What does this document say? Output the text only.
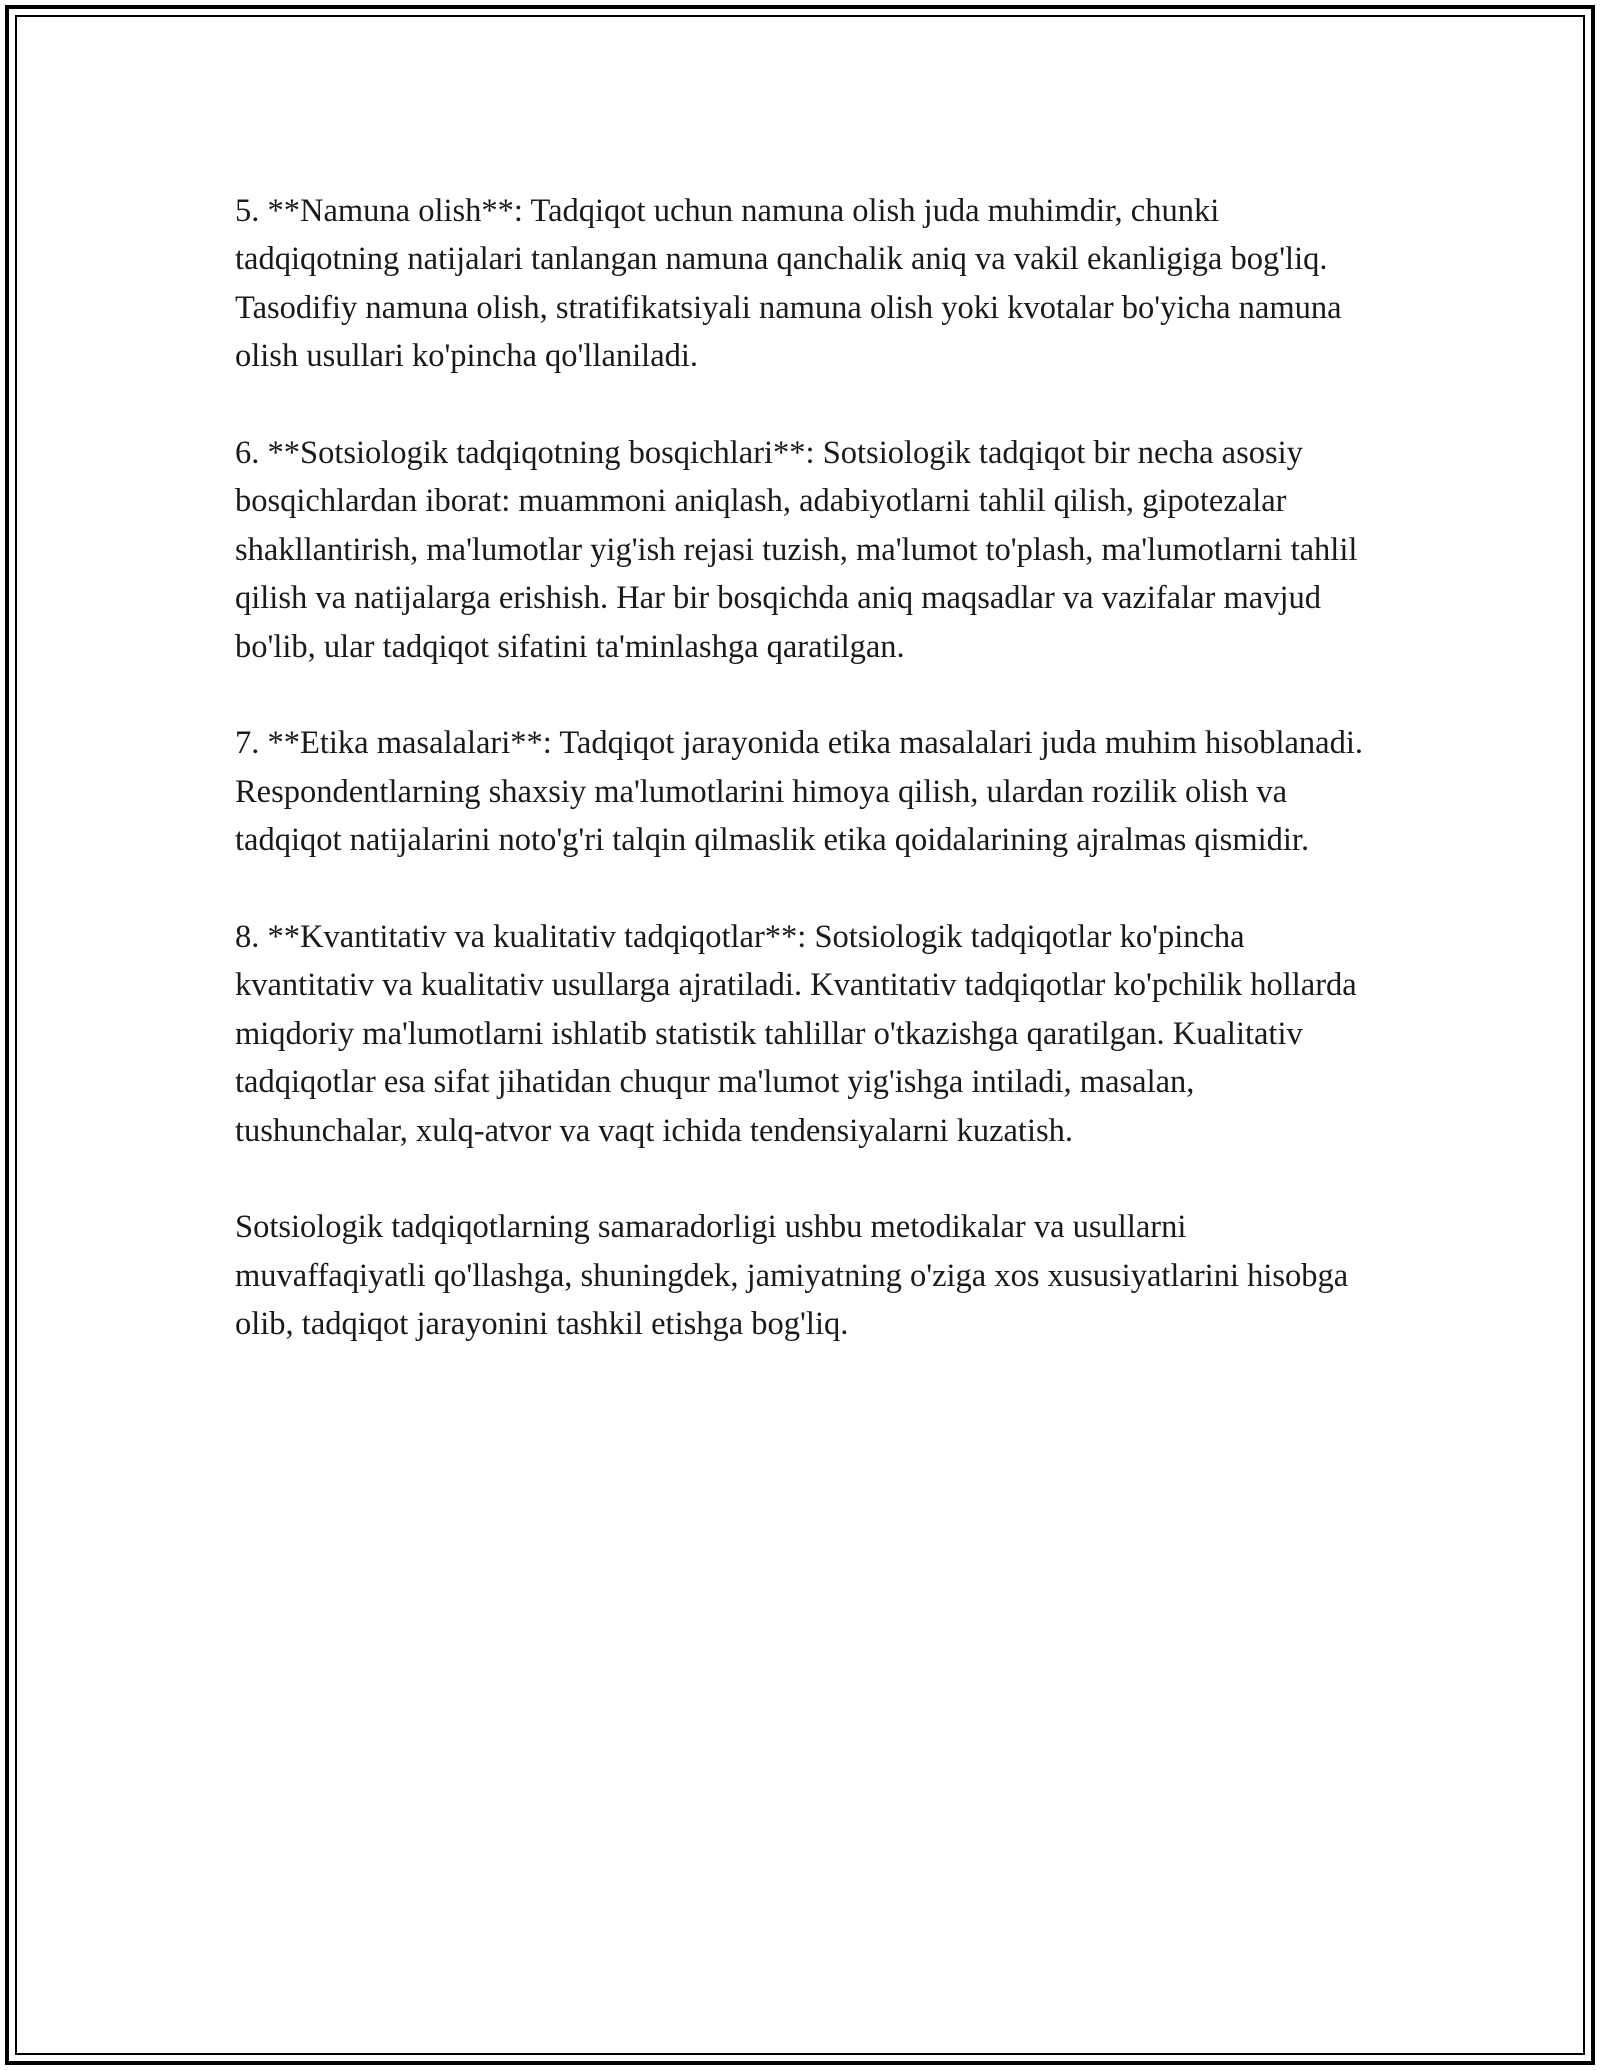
5. **Namuna olish**: Tadqiqot uchun namuna olish juda muhimdir, chunki tadqiqotning natijalari tanlangan namuna qanchalik aniq va vakil ekanligiga bog'liq. Tasodifiy namuna olish, stratifikatsiyali namuna olish yoki kvotalar bo'yicha namuna olish usullari ko'pincha qo'llaniladi.

6. **Sotsiologik tadqiqotning bosqichlari**: Sotsiologik tadqiqot bir necha asosiy bosqichlardan iborat: muammoni aniqlash, adabiyotlarni tahlil qilish, gipotezalar shakllantirish, ma'lumotlar yig'ish rejasi tuzish, ma'lumot to'plash, ma'lumotlarni tahlil qilish va natijalarga erishish. Har bir bosqichda aniq maqsadlar va vazifalar mavjud bo'lib, ular tadqiqot sifatini ta'minlashga qaratilgan.

7. **Etika masalalari**: Tadqiqot jarayonida etika masalalari juda muhim hisoblanadi. Respondentlarning shaxsiy ma'lumotlarini himoya qilish, ulardan rozilik olish va tadqiqot natijalarini noto'g'ri talqin qilmaslik etika qoidalarining ajralmas qismidir.

8. **Kvantitativ va kualitativ tadqiqotlar**: Sotsiologik tadqiqotlar ko'pincha kvantitativ va kualitativ usullarga ajratiladi. Kvantitativ tadqiqotlar ko'pchilik hollarda miqdoriy ma'lumotlarni ishlatib statistik tahlillar o'tkazishga qaratilgan. Kualitativ tadqiqotlar esa sifat jihatidan chuqur ma'lumot yig'ishga intiladi, masalan, tushunchalar, xulq-atvor va vaqt ichida tendensiyalarni kuzatish.

Sotsiologik tadqiqotlarning samaradorligi ushbu metodikalar va usullarni muvaffaqiyatli qo'llashga, shuningdek, jamiyatning o'ziga xos xususiyatlarini hisobga olib, tadqiqot jarayonini tashkil etishga bog'liq.
